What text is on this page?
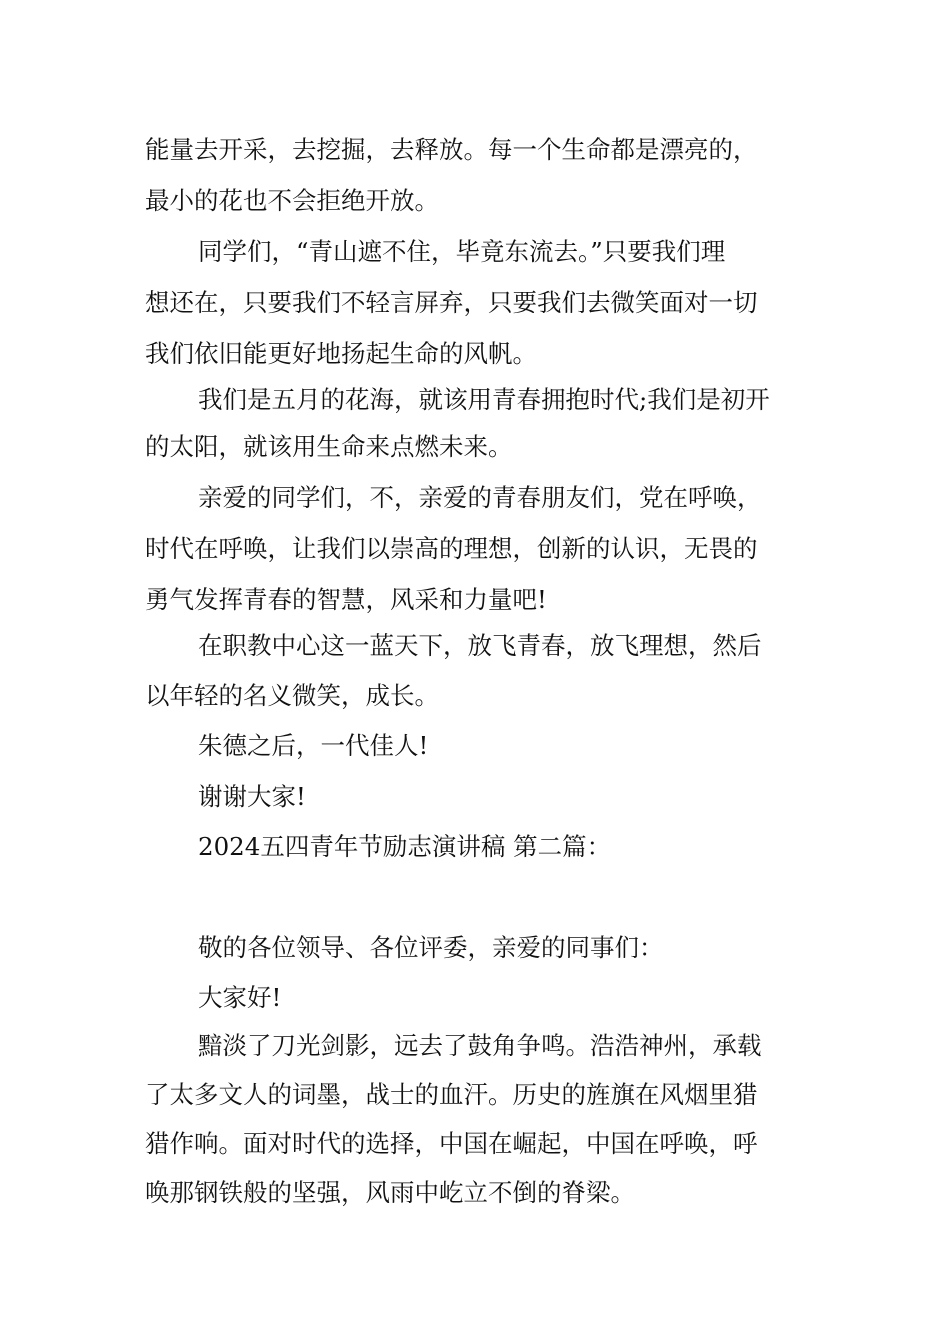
能量去开采，去挖掘，去释放。每一个生命都是漂亮的，

最小的花也不会拒绝开放。

同学们，“青山遮不住，毕竟东流去。”只要我们理

想还在，只要我们不轻言屏弃，只要我们去微笑面对一切

我们依旧能更好地扬起生命的风帆。

我们是五月的花海，就该用青春拥抱时代;我们是初开

的太阳，就该用生命来点燃未来。

亲爱的同学们，不，亲爱的青春朋友们，党在呼唤，

时代在呼唤，让我们以崇高的理想，创新的认识，无畏的

勇气发挥青春的智慧，风采和力量吧!

在职教中心这一蓝天下，放飞青春，放飞理想，然后

以年轻的名义微笑，成长。

朱德之后，一代佳人!

谢谢大家!

2024五四青年节励志演讲稿 第二篇：

敬的各位领导、各位评委，亲爱的同事们：

大家好!

黯淡了刀光剑影，远去了鼓角争鸣。浩浩神州，承载

了太多文人的词墨，战士的血汗。历史的旌旗在风烟里猎

猎作响。面对时代的选择，中国在崛起，中国在呼唤，呼

唤那钢铁般的坚强，风雨中屹立不倒的脊梁。
